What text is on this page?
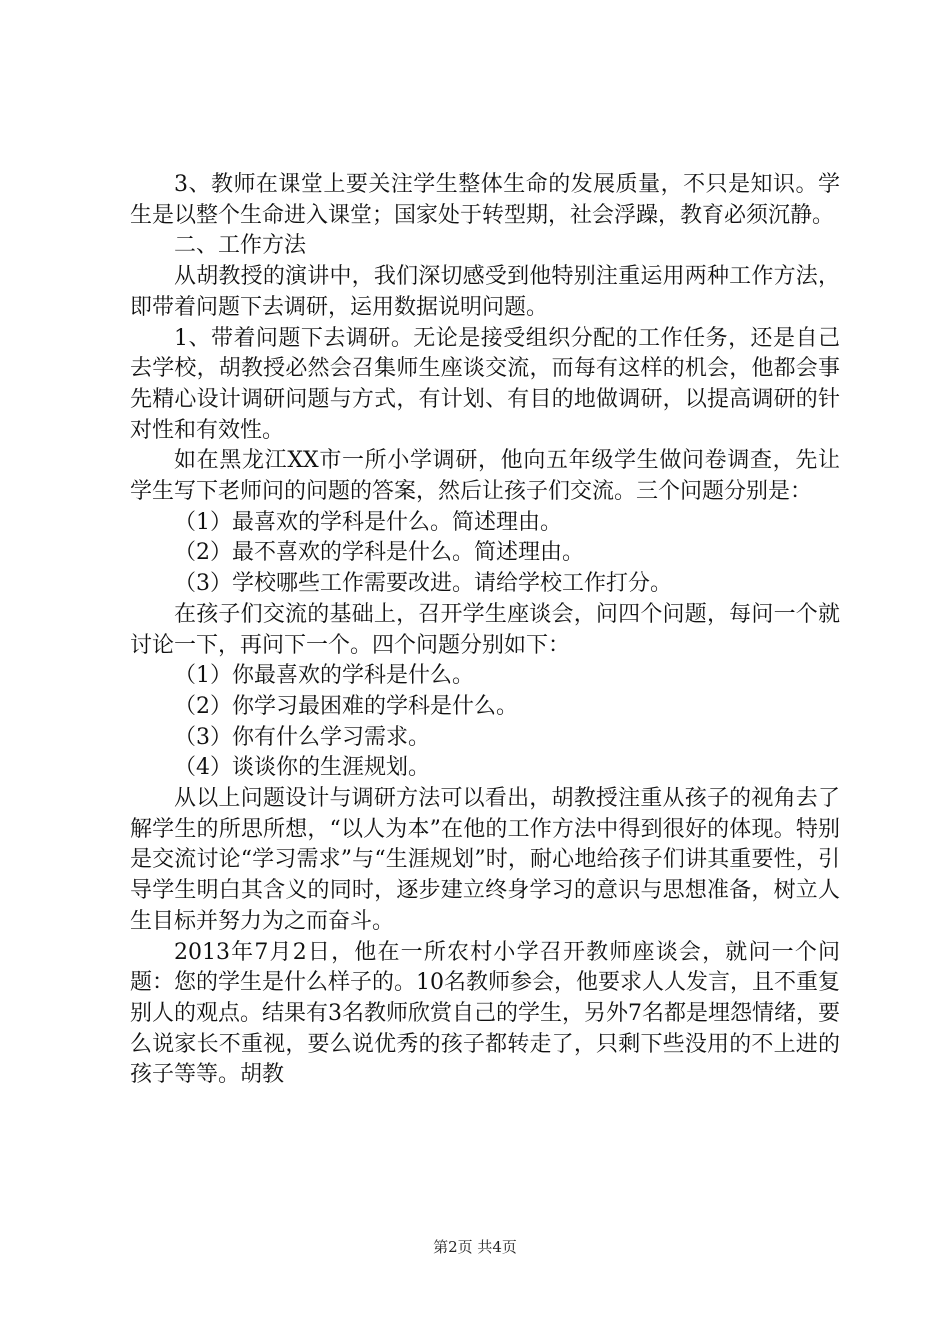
3、教师在课堂上要关注学生整体生命的发展质量，不只是知识。学生是以整个生命进入课堂；国家处于转型期，社会浮躁，教育必须沉静。

二、工作方法

从胡教授的演讲中，我们深切感受到他特别注重运用两种工作方法，即带着问题下去调研，运用数据说明问题。

1、带着问题下去调研。无论是接受组织分配的工作任务，还是自己去学校，胡教授必然会召集师生座谈交流，而每有这样的机会，他都会事先精心设计调研问题与方式，有计划、有目的地做调研，以提高调研的针对性和有效性。

如在黑龙江XX市一所小学调研，他向五年级学生做问卷调查，先让学生写下老师问的问题的答案，然后让孩子们交流。三个问题分别是：

（1）最喜欢的学科是什么。简述理由。

（2）最不喜欢的学科是什么。简述理由。

（3）学校哪些工作需要改进。请给学校工作打分。

在孩子们交流的基础上，召开学生座谈会，问四个问题，每问一个就讨论一下，再问下一个。四个问题分别如下：

（1）你最喜欢的学科是什么。

（2）你学习最困难的学科是什么。

（3）你有什么学习需求。

（4）谈谈你的生涯规划。

从以上问题设计与调研方法可以看出，胡教授注重从孩子的视角去了解学生的所思所想，“以人为本”在他的工作方法中得到很好的体现。特别是交流讨论“学习需求”与“生涯规划”时，耐心地给孩子们讲其重要性，引导学生明白其含义的同时，逐步建立终身学习的意识与思想准备，树立人生目标并努力为之而奋斗。

2013年7月2日，他在一所农村小学召开教师座谈会，就问一个问题：您的学生是什么样子的。10名教师参会，他要求人人发言，且不重复别人的观点。结果有3名教师欣赏自己的学生，另外7名都是埋怨情绪，要么说家长不重视，要么说优秀的孩子都转走了，只剩下些没用的不上进的孩子等等。胡教

第2页 共4页
